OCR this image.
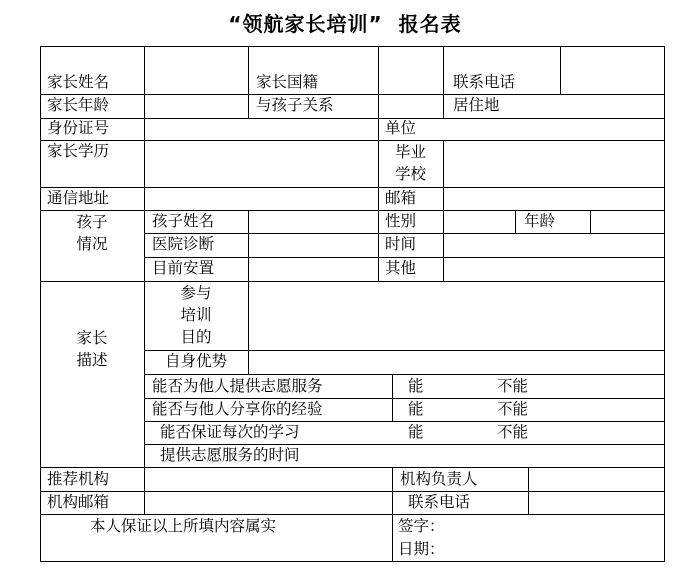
“领航家长培训” 报名表
家长姓名	家长国籍	联系电话
家长年龄	与孩子关系	居住地
身份证号	单位
家长学历	毕业
学校
通信地址	邮箱
孩子
情况
孩子姓名	性别	年龄
医院诊断	时间
目前安置	其他
家长
描述
参与
培训
目的
自身优势
能否为他人提供志愿服务	能	不能
能否与他人分享你的经验	能	不能
能否保证每次的学习	能	不能
提供志愿服务的时间
推荐机构	机构负责人
机构邮箱	联系电话
本人保证以上所填内容属实	签字：
日期：
